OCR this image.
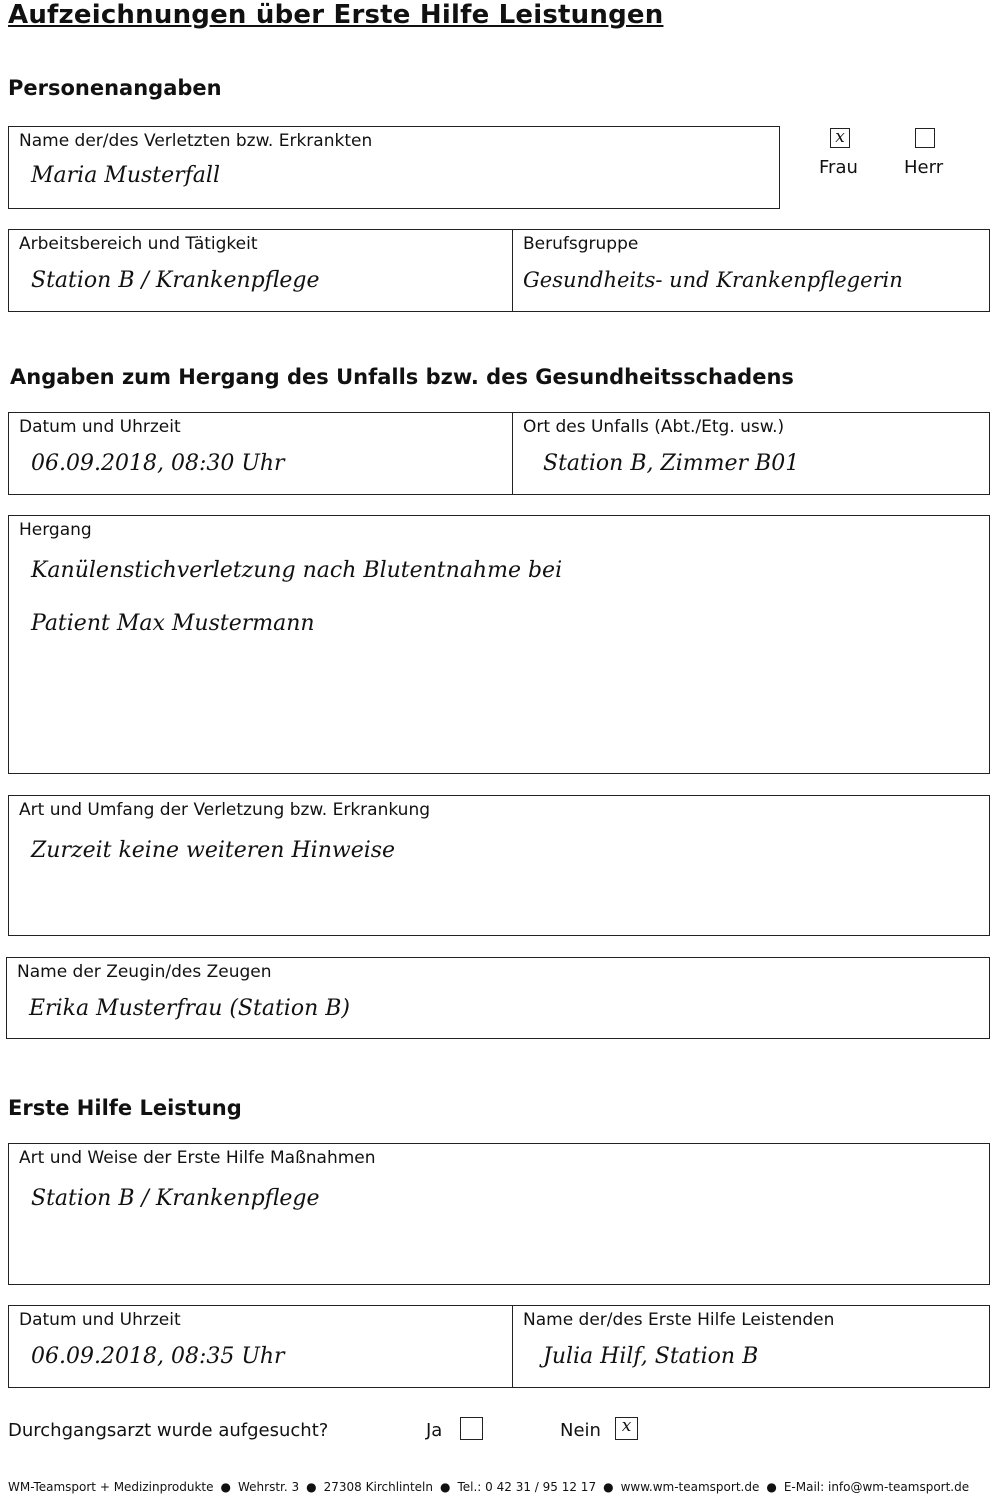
Aufzeichnungen über Erste Hilfe Leistungen
Personenangaben
Name der/des Verletzten bzw. Erkrankten
Maria Musterfall
x
Frau	Herr
Arbeitsbereich und Tätigkeit
Station B / Krankenpflege
Berufsgruppe
Gesundheits- und Krankenpflegerin
Angaben zum Hergang des Unfalls bzw. des Gesundheitsschadens
Datum und Uhrzeit
06.09.2018, 08:30 Uhr
Ort des Unfalls (Abt./Etg. usw.)
Station B, Zimmer B01
Hergang
Kanülenstichverletzung nach Blutentnahme bei
Patient Max Mustermann
Art und Umfang der Verletzung bzw. Erkrankung
Zurzeit keine weiteren Hinweise
Name der Zeugin/des Zeugen
Erika Musterfrau (Station B)
Erste Hilfe Leistung
Art und Weise der Erste Hilfe Maßnahmen
Station B / Krankenpflege
Datum und Uhrzeit
06.09.2018, 08:35 Uhr
Name der/des Erste Hilfe Leistenden
Julia Hilf, Station B
Durchgangsarzt wurde aufgesucht?	Ja	Nein	x
WM-Teamsport + Medizinprodukte ● Wehrstr. 3 ● 27308 Kirchlinteln ● Tel.: 0 42 31 / 95 12 17 ● www.wm-teamsport.de ● E-Mail: info@wm-teamsport.de
